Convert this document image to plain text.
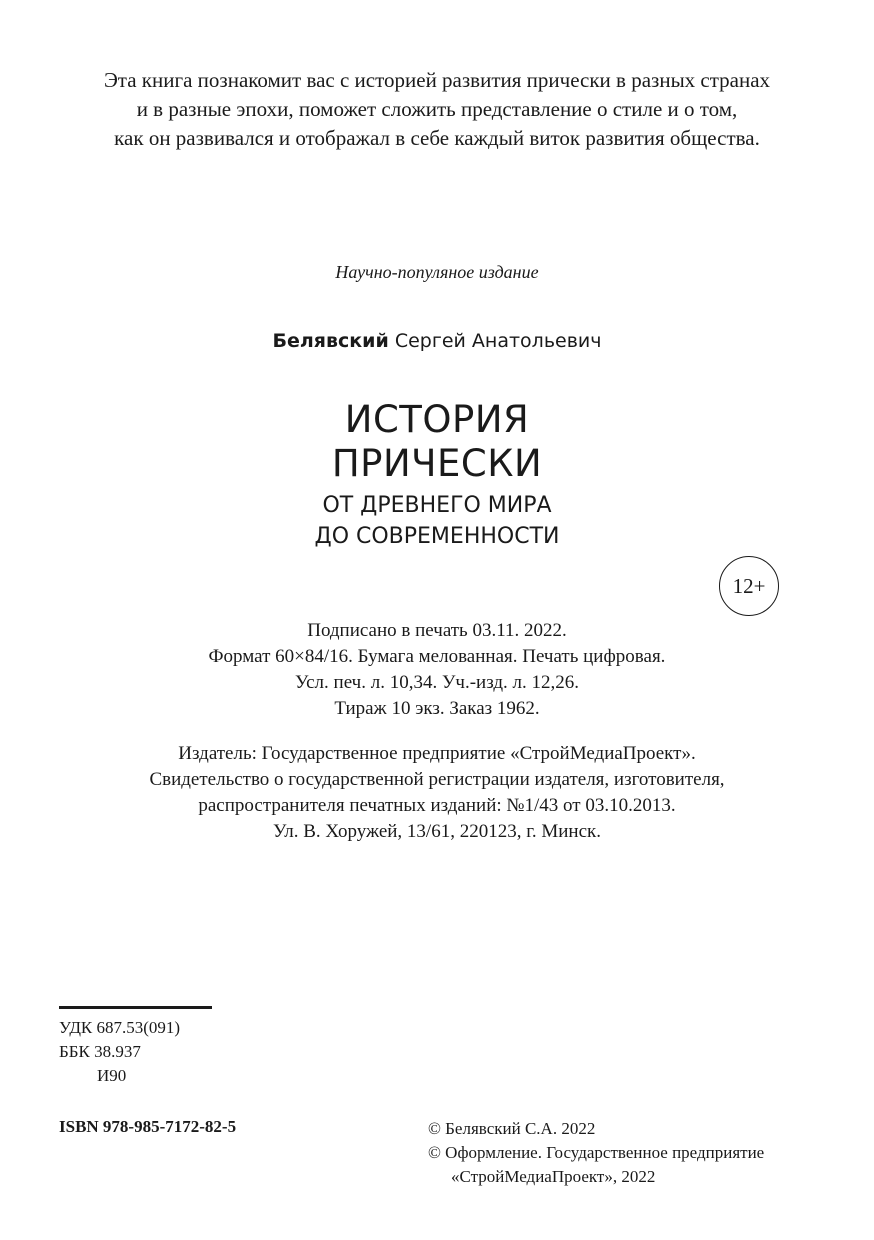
Эта книга познакомит вас с историей развития прически в разных странах
и в разные эпохи, поможет сложить представление о стиле и о том,
как он развивался и отображал в себе каждый виток развития общества.
Научно-популяное издание
Белявский Сергей Анатольевич
ИСТОРИЯ
ПРИЧЕСКИ
ОТ ДРЕВНЕГО МИРА
ДО СОВРЕМЕННОСТИ
12+
Подписано в печать 03.11. 2022.
Формат 60×84/16. Бумага мелованная. Печать цифровая.
Усл. печ. л. 10,34. Уч.-изд. л. 12,26.
Тираж 10 экз. Заказ 1962.
Издатель: Государственное предприятие «СтройМедиаПроект».
Свидетельство о государственной регистрации издателя, изготовителя,
распространителя печатных изданий: №1/43 от 03.10.2013.
Ул. В. Хоружей, 13/61, 220123, г. Минск.
УДК 687.53(091)
ББК 38.937
И90
ISBN 978-985-7172-82-5	© Белявский С.А. 2022
© Оформление. Государственное предприятие
«СтройМедиаПроект», 2022
